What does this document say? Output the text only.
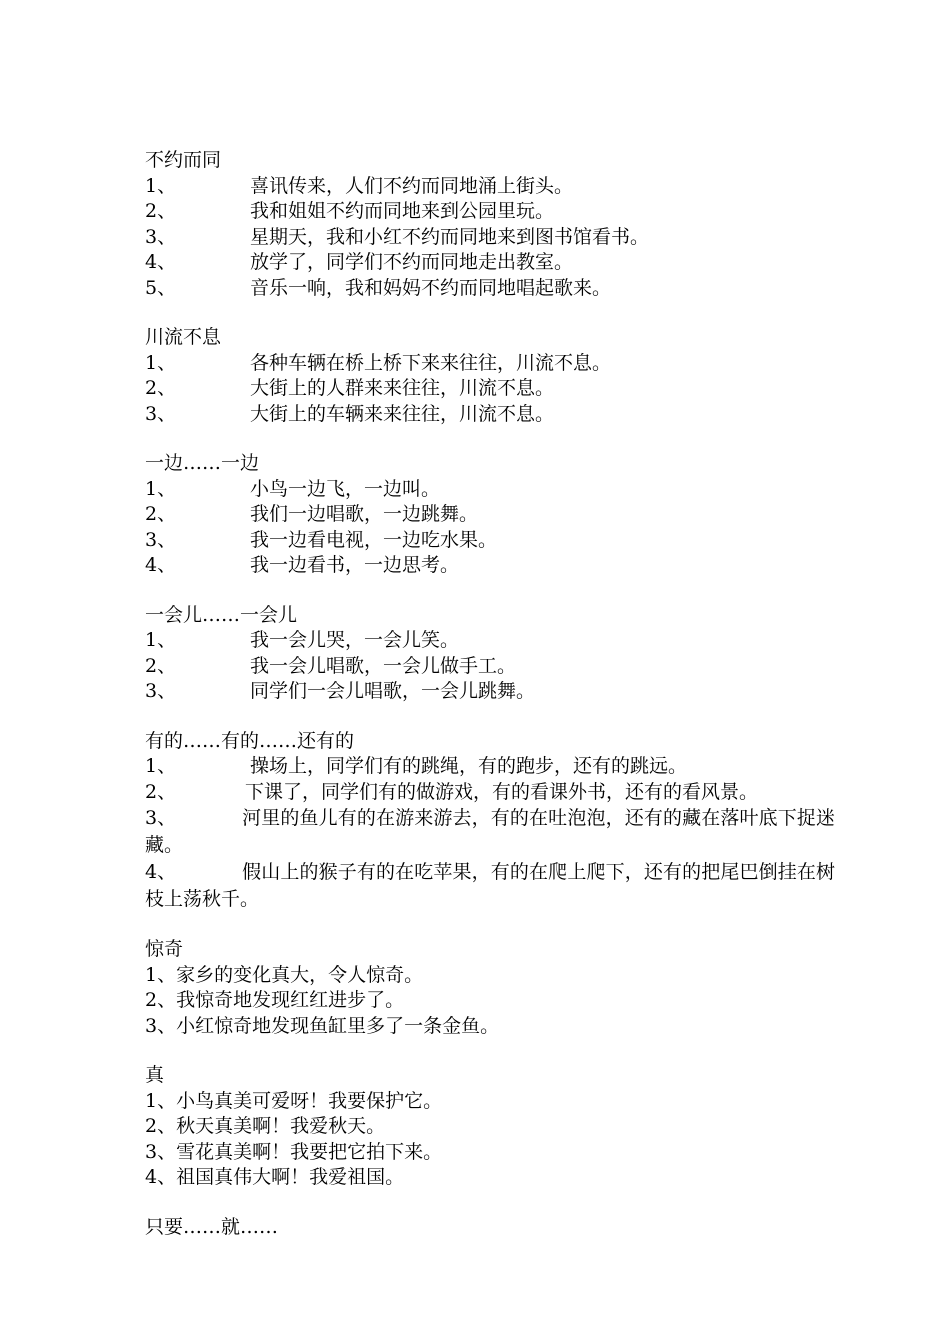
不约而同
1、	喜讯传来，人们不约而同地涌上街头。
2、	我和姐姐不约而同地来到公园里玩。
3、	星期天，我和小红不约而同地来到图书馆看书。
4、	放学了，同学们不约而同地走出教室。
5、	音乐一响，我和妈妈不约而同地唱起歌来。
川流不息
1、	各种车辆在桥上桥下来来往往，川流不息。
2、	大街上的人群来来往往，川流不息。
3、	大街上的车辆来来往往，川流不息。
一边……一边
1、	小鸟一边飞，一边叫。
2、	我们一边唱歌，一边跳舞。
3、	我一边看电视，一边吃水果。
4、	我一边看书，一边思考。
一会儿……一会儿
1、	我一会儿哭，一会儿笑。
2、	我一会儿唱歌，一会儿做手工。
3、	同学们一会儿唱歌，一会儿跳舞。
有的……有的……还有的
1、	操场上，同学们有的跳绳，有的跑步，还有的跳远。
2、	下课了，同学们有的做游戏，有的看课外书，还有的看风景。
3、	河里的鱼儿有的在游来游去，有的在吐泡泡，还有的藏在落叶底下捉迷藏。
4、	假山上的猴子有的在吃苹果，有的在爬上爬下，还有的把尾巴倒挂在树枝上荡秋千。
惊奇
1、家乡的变化真大，令人惊奇。
2、我惊奇地发现红红进步了。
3、小红惊奇地发现鱼缸里多了一条金鱼。
真
1、小鸟真美可爱呀！我要保护它。
2、秋天真美啊！我爱秋天。
3、雪花真美啊！我要把它拍下来。
4、祖国真伟大啊！我爱祖国。
只要……就……
